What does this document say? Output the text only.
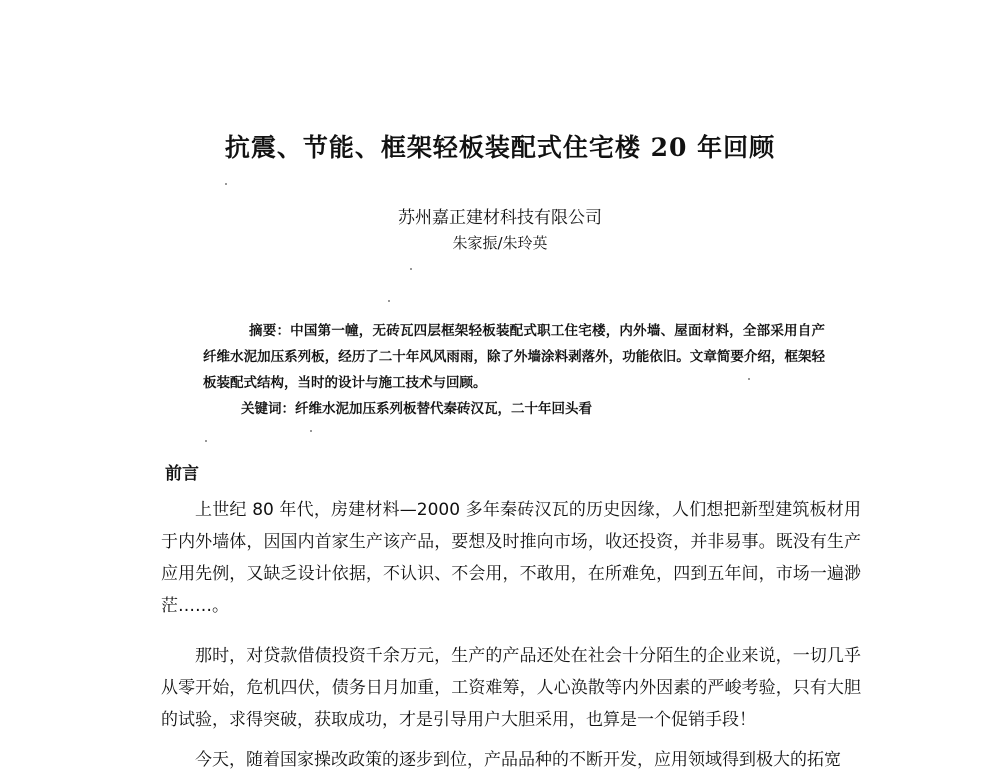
抗震、节能、框架轻板装配式住宅楼 20 年回顾
苏州嘉正建材科技有限公司
朱家振/朱玲英
摘要：中国第一幢，无砖瓦四层框架轻板装配式职工住宅楼，内外墙、屋面材料，全部采用自产纤维水泥加压系列板，经历了二十年风风雨雨，除了外墙涂料剥落外，功能依旧。文章简要介绍，框架轻板装配式结构，当时的设计与施工技术与回顾。
关键词：纤维水泥加压系列板替代秦砖汉瓦，二十年回头看
前言
上世纪 80 年代，房建材料—2000 多年秦砖汉瓦的历史因缘，人们想把新型建筑板材用于内外墙体，因国内首家生产该产品，要想及时推向市场，收还投资，并非易事。既没有生产应用先例，又缺乏设计依据，不认识、不会用，不敢用，在所难免，四到五年间，市场一遍渺茫……。
那时，对贷款借债投资千余万元，生产的产品还处在社会十分陌生的企业来说，一切几乎从零开始，危机四伏，债务日月加重，工资难筹，人心涣散等内外因素的严峻考验，只有大胆的试验，求得突破，获取成功，才是引导用户大胆采用，也算是一个促销手段！
今天，随着国家操改政策的逐步到位，产品品种的不断开发，应用领域得到极大的拓宽
